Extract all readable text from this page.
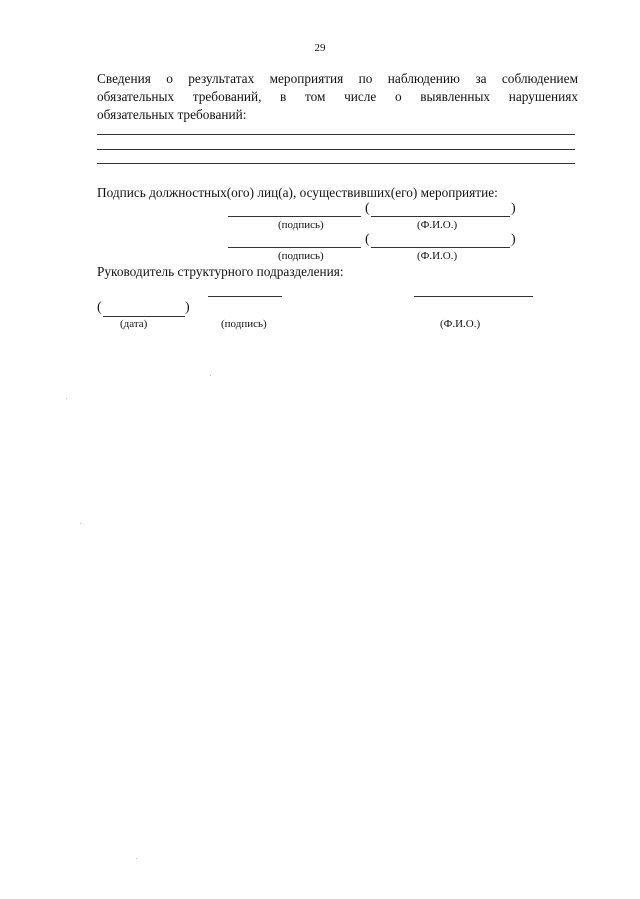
29
Сведения о результатах мероприятия по наблюдению за соблюдением
обязательных требований, в том числе о выявленных нарушениях
обязательных требований:
Подпись должностных(ого) лиц(а), осуществивших(его) мероприятие:
(	)
(подпись)	(Ф.И.О.)
(	)
(подпись)	(Ф.И.О.)
Руководитель структурного подразделения:
(	)
(дата)	(подпись)	(Ф.И.О.)
